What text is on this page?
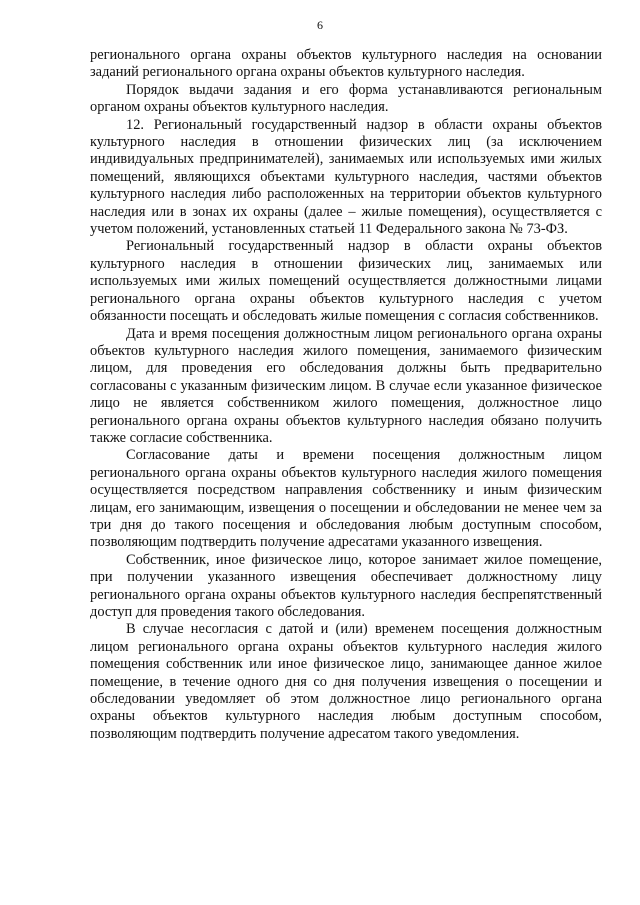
6

регионального органа охраны объектов культурного наследия на основании заданий регионального органа охраны объектов культурного наследия.

Порядок выдачи задания и его форма устанавливаются региональным органом охраны объектов культурного наследия.

12. Региональный государственный надзор в области охраны объектов культурного наследия в отношении физических лиц (за исключением индивидуальных предпринимателей), занимаемых или используемых ими жилых помещений, являющихся объектами культурного наследия, частями объектов культурного наследия либо расположенных на территории объектов культурного наследия или в зонах их охраны (далее – жилые помещения), осуществляется с учетом положений, установленных статьей 11 Федерального закона № 73-ФЗ.

Региональный государственный надзор в области охраны объектов культурного наследия в отношении физических лиц, занимаемых или используемых ими жилых помещений осуществляется должностными лицами регионального органа охраны объектов культурного наследия с учетом обязанности посещать и обследовать жилые помещения с согласия собственников.

Дата и время посещения должностным лицом регионального органа охраны объектов культурного наследия жилого помещения, занимаемого физическим лицом, для проведения его обследования должны быть предварительно согласованы с указанным физическим лицом. В случае если указанное физическое лицо не является собственником жилого помещения, должностное лицо регионального органа охраны объектов культурного наследия обязано получить также согласие собственника.

Согласование даты и времени посещения должностным лицом регионального органа охраны объектов культурного наследия жилого помещения осуществляется посредством направления собственнику и иным физическим лицам, его занимающим, извещения о посещении и обследовании не менее чем за три дня до такого посещения и обследования любым доступным способом, позволяющим подтвердить получение адресатами указанного извещения.

Собственник, иное физическое лицо, которое занимает жилое помещение, при получении указанного извещения обеспечивает должностному лицу регионального органа охраны объектов культурного наследия беспрепятственный доступ для проведения такого обследования.

В случае несогласия с датой и (или) временем посещения должностным лицом регионального органа охраны объектов культурного наследия жилого помещения собственник или иное физическое лицо, занимающее данное жилое помещение, в течение одного дня со дня получения извещения о посещении и обследовании уведомляет об этом должностное лицо регионального органа охраны объектов культурного наследия любым доступным способом, позволяющим подтвердить получение адресатом такого уведомления.
